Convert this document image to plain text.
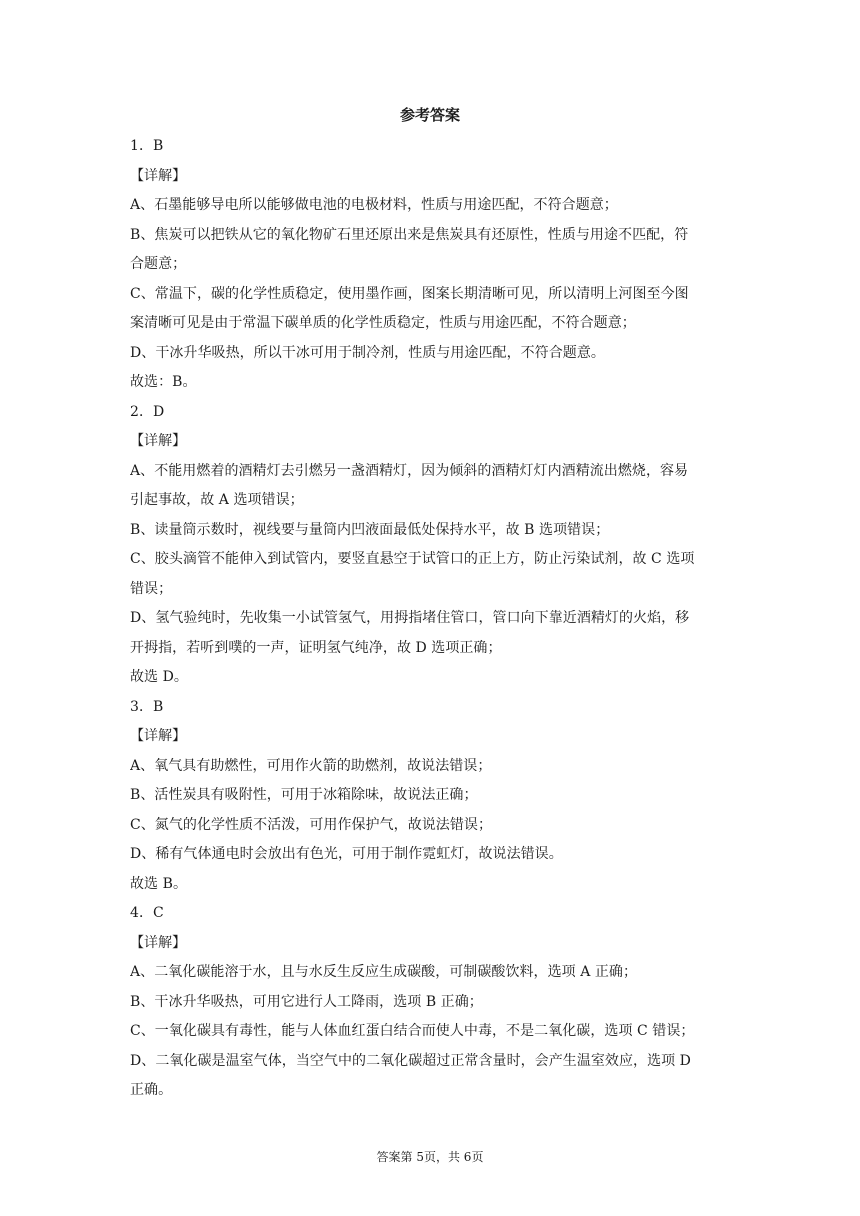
参考答案
1．B
【详解】
A、石墨能够导电所以能够做电池的电极材料，性质与用途匹配，不符合题意；
B、焦炭可以把铁从它的氧化物矿石里还原出来是焦炭具有还原性，性质与用途不匹配，符
合题意；
C、常温下，碳的化学性质稳定，使用墨作画，图案长期清晰可见，所以清明上河图至今图
案清晰可见是由于常温下碳单质的化学性质稳定，性质与用途匹配，不符合题意；
D、干冰升华吸热，所以干冰可用于制冷剂，性质与用途匹配，不符合题意。
故选：B。
2．D
【详解】
A、不能用燃着的酒精灯去引燃另一盏酒精灯，因为倾斜的酒精灯灯内酒精流出燃烧，容易
引起事故，故 A 选项错误；
B、读量筒示数时，视线要与量筒内凹液面最低处保持水平，故 B 选项错误；
C、胶头滴管不能伸入到试管内，要竖直悬空于试管口的正上方，防止污染试剂，故 C 选项
错误；
D、氢气验纯时，先收集一小试管氢气，用拇指堵住管口，管口向下靠近酒精灯的火焰，移
开拇指，若听到噗的一声，证明氢气纯净，故 D 选项正确；
故选 D。
3．B
【详解】
A、氧气具有助燃性，可用作火箭的助燃剂，故说法错误；
B、活性炭具有吸附性，可用于冰箱除味，故说法正确；
C、氮气的化学性质不活泼，可用作保护气，故说法错误；
D、稀有气体通电时会放出有色光，可用于制作霓虹灯，故说法错误。
故选 B。
4．C
【详解】
A、二氧化碳能溶于水，且与水反生反应生成碳酸，可制碳酸饮料，选项 A 正确；
B、干冰升华吸热，可用它进行人工降雨，选项 B 正确；
C、一氧化碳具有毒性，能与人体血红蛋白结合而使人中毒，不是二氧化碳，选项 C 错误；
D、二氧化碳是温室气体，当空气中的二氧化碳超过正常含量时，会产生温室效应，选项 D
正确。
答案第 5页，共 6页
